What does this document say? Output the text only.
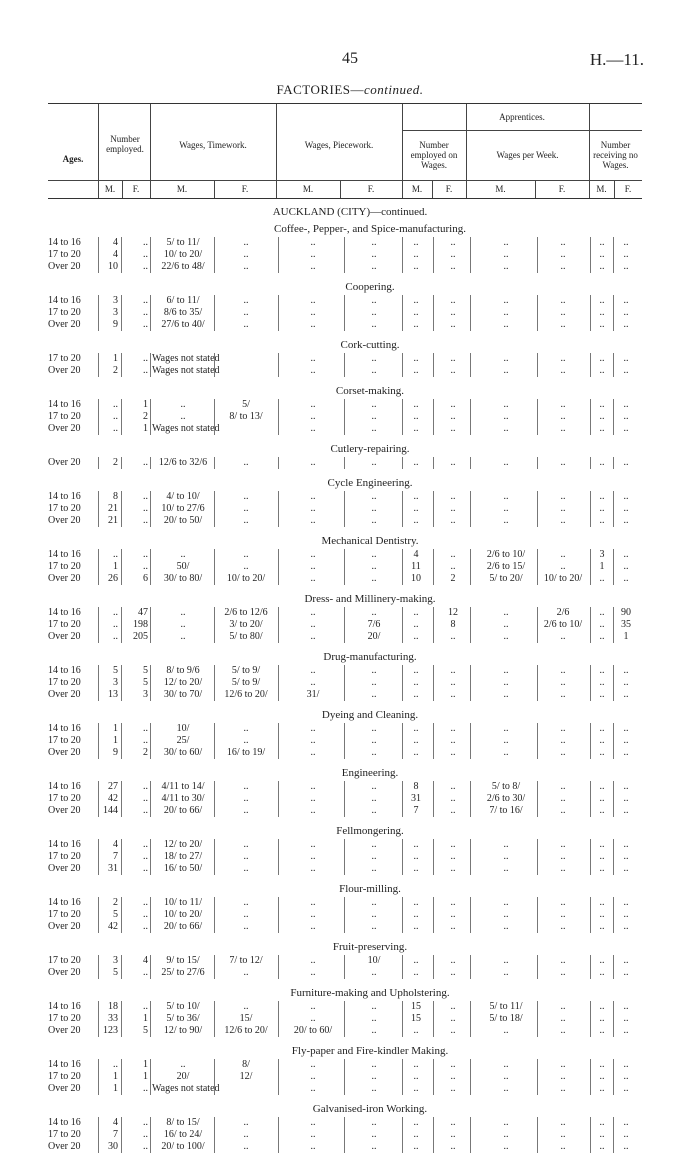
45	H.—11.
FACTORIES—continued.
Ages.
Number employed.	Wages, Timework.	Wages, Piecework.
Apprentices.
Number employed on Wages.
Wages per Week.
Number receiving no Wages.
M.	F.	M.	F.	M.	F.	M.	F.	M.	F.	M.	F.
AUCKLAND (CITY)—continued.
Coffee-, Pepper-, and Spice-manufacturing.
14 to 16	4	..	5/ to 11/	..	..	..	..	..	..	..	..	..
17 to 20	4	..	10/ to 20/	..	..	..	..	..	..	..	..	..
Over 20	10	..	22/6 to 48/	..	..	..	..	..	..	..	..	..
Coopering.
14 to 16	3	..	6/ to 11/	..	..	..	..	..	..	..	..	..
17 to 20	3	..	8/6 to 35/	..	..	..	..	..	..	..	..	..
Over 20	9	..	27/6 to 40/	..	..	..	..	..	..	..	..	..
Cork-cutting.
17 to 20	1	.. Wages not stated	..	..	..	..	..	..	..	..
Over 20	2	.. Wages not stated	..	..	..	..	..	..	..	..
Corset-making.
14 to 16	..	1	..	5/	..	..	..	..	..	..	..	..
17 to 20	..	2	..	8/ to 13/	..	..	..	..	..	..	..	..
Over 20	..	1 Wages not stated	..	..	..	..	..	..	..	..
Cutlery-repairing.
Over 20	2	..	12/6 to 32/6	..	..	..	..	..	..	..	..	..
Cycle Engineering.
14 to 16	8	..	4/ to 10/	..	..	..	..	..	..	..	..	..
17 to 20	21	..	10/ to 27/6	..	..	..	..	..	..	..	..	..
Over 20	21	..	20/ to 50/	..	..	..	..	..	..	..	..	..
Mechanical Dentistry.
14 to 16	..	..	..	..	..	..	4	..	2/6 to 10/	..	3	..
17 to 20	1	..	50/	..	..	..	11	..	2/6 to 15/	..	1	..
Over 20	26	6	30/ to 80/	10/ to 20/	..	..	10	2	5/ to 20/	10/ to 20/	..	..
Dress- and Millinery-making.
14 to 16	..	47	..	2/6 to 12/6	..	..	..	12	..	2/6	..	90
17 to 20	..	198	..	3/ to 20/	..	7/6	..	8	..	2/6 to 10/	..	35
Over 20	..	205	..	5/ to 80/	..	20/	..	..	..	..	..	1
Drug-manufacturing.
14 to 16	5	5	8/ to 9/6	5/ to 9/	..	..	..	..	..	..	..	..
17 to 20	3	5	12/ to 20/	5/ to 9/	..	..	..	..	..	..	..	..
Over 20	13	3	30/ to 70/	12/6 to 20/	31/	..	..	..	..	..	..	..
Dyeing and Cleaning.
14 to 16	1	..	10/	..	..	..	..	..	..	..	..	..
17 to 20	1	..	25/	..	..	..	..	..	..	..	..	..
Over 20	9	2	30/ to 60/	16/ to 19/	..	..	..	..	..	..	..	..
Engineering.
14 to 16	27	..	4/11 to 14/	..	..	..	8	..	5/ to 8/	..	..	..
17 to 20	42	..	4/11 to 30/	..	..	..	31	..	2/6 to 30/	..	..	..
Over 20	144	..	20/ to 66/	..	..	..	7	..	7/ to 16/	..	..	..
Fellmongering.
14 to 16	4	..	12/ to 20/	..	..	..	..	..	..	..	..	..
17 to 20	7	..	18/ to 27/	..	..	..	..	..	..	..	..	..
Over 20	31	..	16/ to 50/	..	..	..	..	..	..	..	..	..
Flour-milling.
14 to 16	2	..	10/ to 11/	..	..	..	..	..	..	..	..	..
17 to 20	5	..	10/ to 20/	..	..	..	..	..	..	..	..	..
Over 20	42	..	20/ to 66/	..	..	..	..	..	..	..	..	..
Fruit-preserving.
17 to 20	3	4	9/ to 15/	7/ to 12/	..	10/	..	..	..	..	..	..
Over 20	5	..	25/ to 27/6	..	..	..	..	..	..	..	..	..
Furniture-making and Upholstering.
14 to 16	18	..	5/ to 10/	..	..	..	15	..	5/ to 11/	..	..	..
17 to 20	33	1	5/ to 36/	15/	..	..	15	..	5/ to 18/	..	..	..
Over 20	123	5	12/ to 90/	12/6 to 20/	20/ to 60/	..	..	..	..	..	..	..
Fly-paper and Fire-kindler Making.
14 to 16	..	1	..	8/	..	..	..	..	..	..	..	..
17 to 20	1	1	20/	12/	..	..	..	..	..	..	..	..
Over 20	1	.. Wages not stated	..	..	..	..	..	..	..	..
Galvanised-iron Working.
14 to 16	4	..	8/ to 15/	..	..	..	..	..	..	..	..	..
17 to 20	7	..	16/ to 24/	..	..	..	..	..	..	..	..	..
Over 20	30	..	20/ to 100/	..	..	..	..	..	..	..	..	..
